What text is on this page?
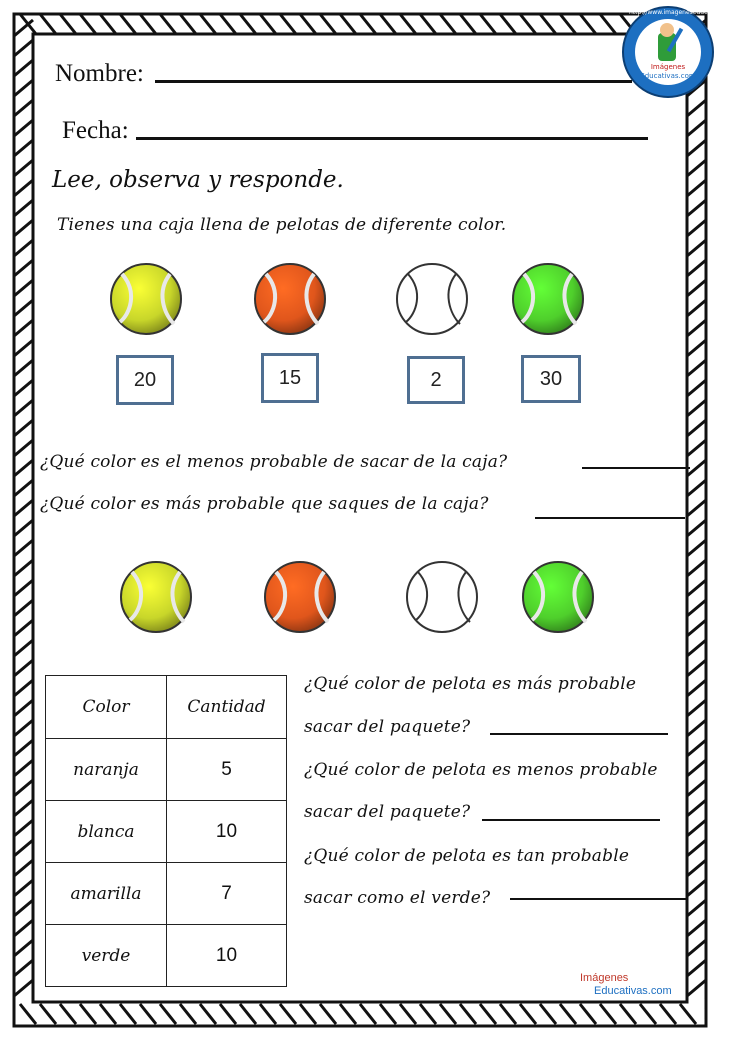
http://www.imageneseducativas.com
Imágenes
Educativas.com
Nombre:
Fecha:
Lee, observa y responde.
Tienes una caja llena de pelotas de diferente color.
20	15	2	30
¿Qué color es el menos probable de sacar de la caja?
¿Qué color es más probable que saques de la caja?
Color	Cantidad
naranja	5
blanca	10
amarilla	7
verde	10
¿Qué color de pelota es más probable
sacar del paquete?
¿Qué color de pelota es menos probable
sacar del paquete?
¿Qué color de pelota es tan probable
sacar como el verde?
Imágenes
Educativas.com
